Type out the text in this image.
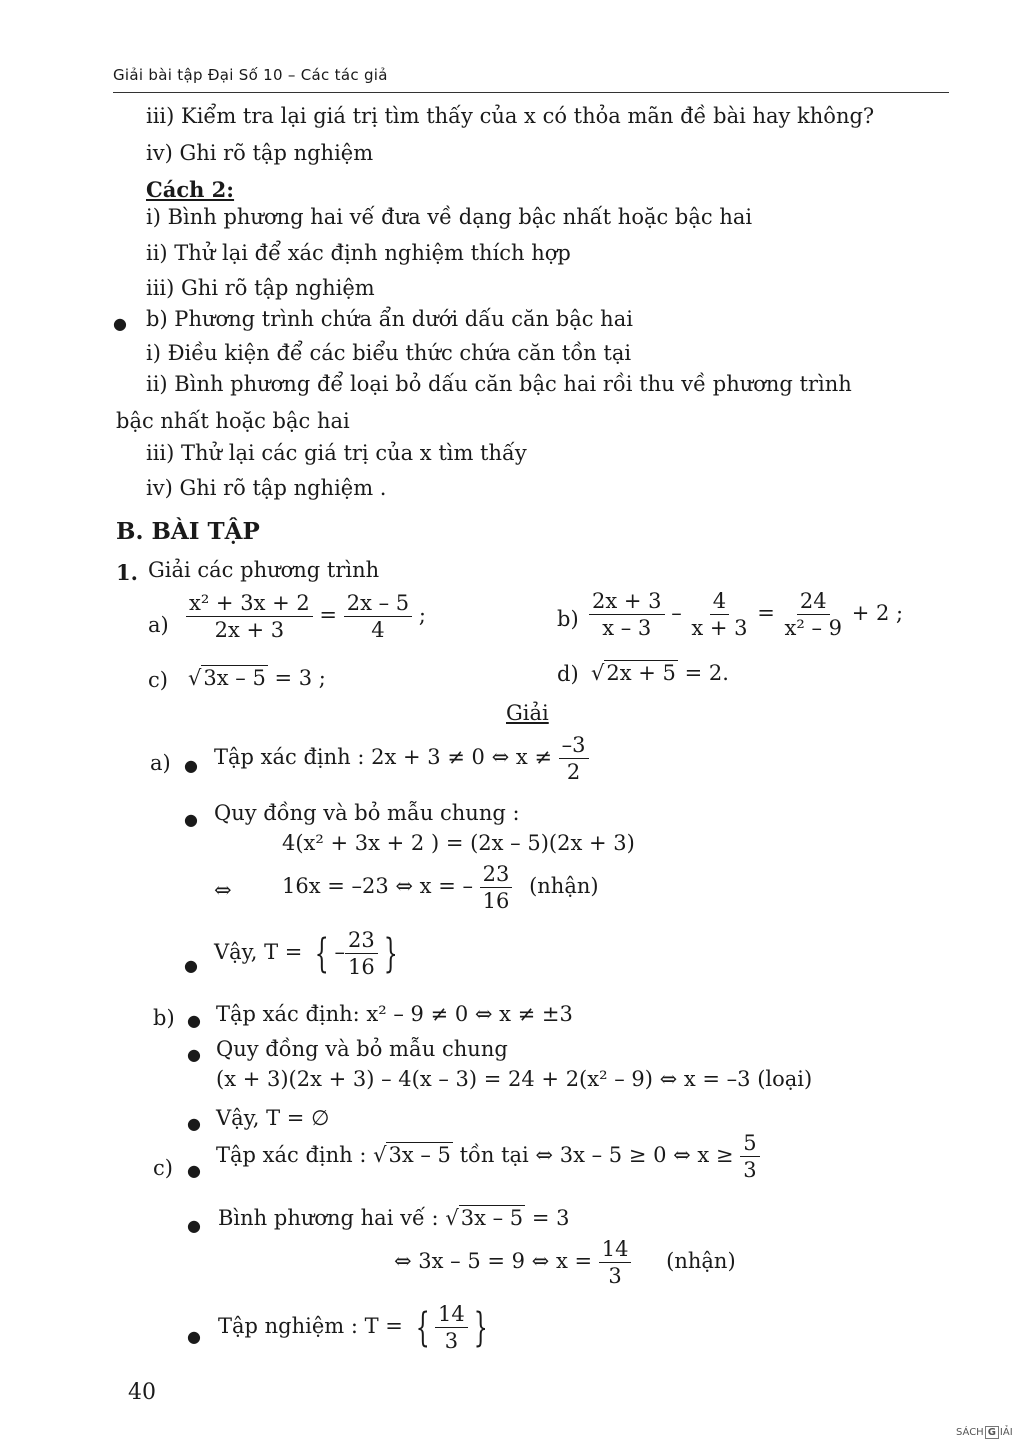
Giải bài tập Đại Số 10 – Các tác giả
iii) Kiểm tra lại giá trị tìm thấy của x có thỏa mãn đề bài hay không?
iv) Ghi rõ tập nghiệm
Cách 2:
i) Bình phương hai vế đưa về dạng bậc nhất hoặc bậc hai
ii) Thử lại để xác định nghiệm thích hợp
iii) Ghi rõ tập nghiệm
● b) Phương trình chứa ẩn dưới dấu căn bậc hai
i) Điều kiện để các biểu thức chứa căn tồn tại
ii) Bình phương để loại bỏ dấu căn bậc hai rồi thu về phương trình
bậc nhất hoặc bậc hai
iii) Thử lại các giá trị của x tìm thấy
iv) Ghi rõ tập nghiệm .
B. BÀI TẬP
1. Giải các phương trình
$a) \frac{\text{x² + 3x + 2}}{2x + 3} = \frac{2x - 5}{4}$ ;	$b) \frac{2x + 3}{x - 3} - \frac{4}{x + 3} = \frac{24}{\text{x² – 9}} + 2$ ;
c) √3x – 5 = 3 ;	d) √2x + 5 = 2.
Giải
a) ● Tập xác định : 2x + 3 ≠ 0 ⇔ $x \ne \frac{-3}{2}$
● Quy đồng và bỏ mẫu chung :
4(x² + 3x + 2 ) = (2x – 5)(2x + 3)
⇔ 16x = –23 ⇔ x = – $\frac{23}{16}$ (nhận)
●
Vậy, T = { – $\frac{23}{16}$ }
b) ● Tập xác định: x² – 9 ≠ 0 ⇔ x ≠ ±3
● Quy đồng và bỏ mẫu chung
(x + 3)(2x + 3) – 4(x – 3) = 24 + 2(x² – 9) ⇔ x = –3 (loại)
● Vậy, T = ∅
c) ●
Tập xác định : √3x – 5 tồn tại ⇔ 3x – 5 ≥ 0 ⇔ $x \ge \frac{5}{3}$
● Bình phương hai vế : √3x – 5 = 3
⇔ 3x – 5 = 9 ⇔ $x = \frac{14}{3}$ (nhận)
● Tập nghiệm : T = { $\frac{14}{3}$ }
40
SÁCH G IẢI
